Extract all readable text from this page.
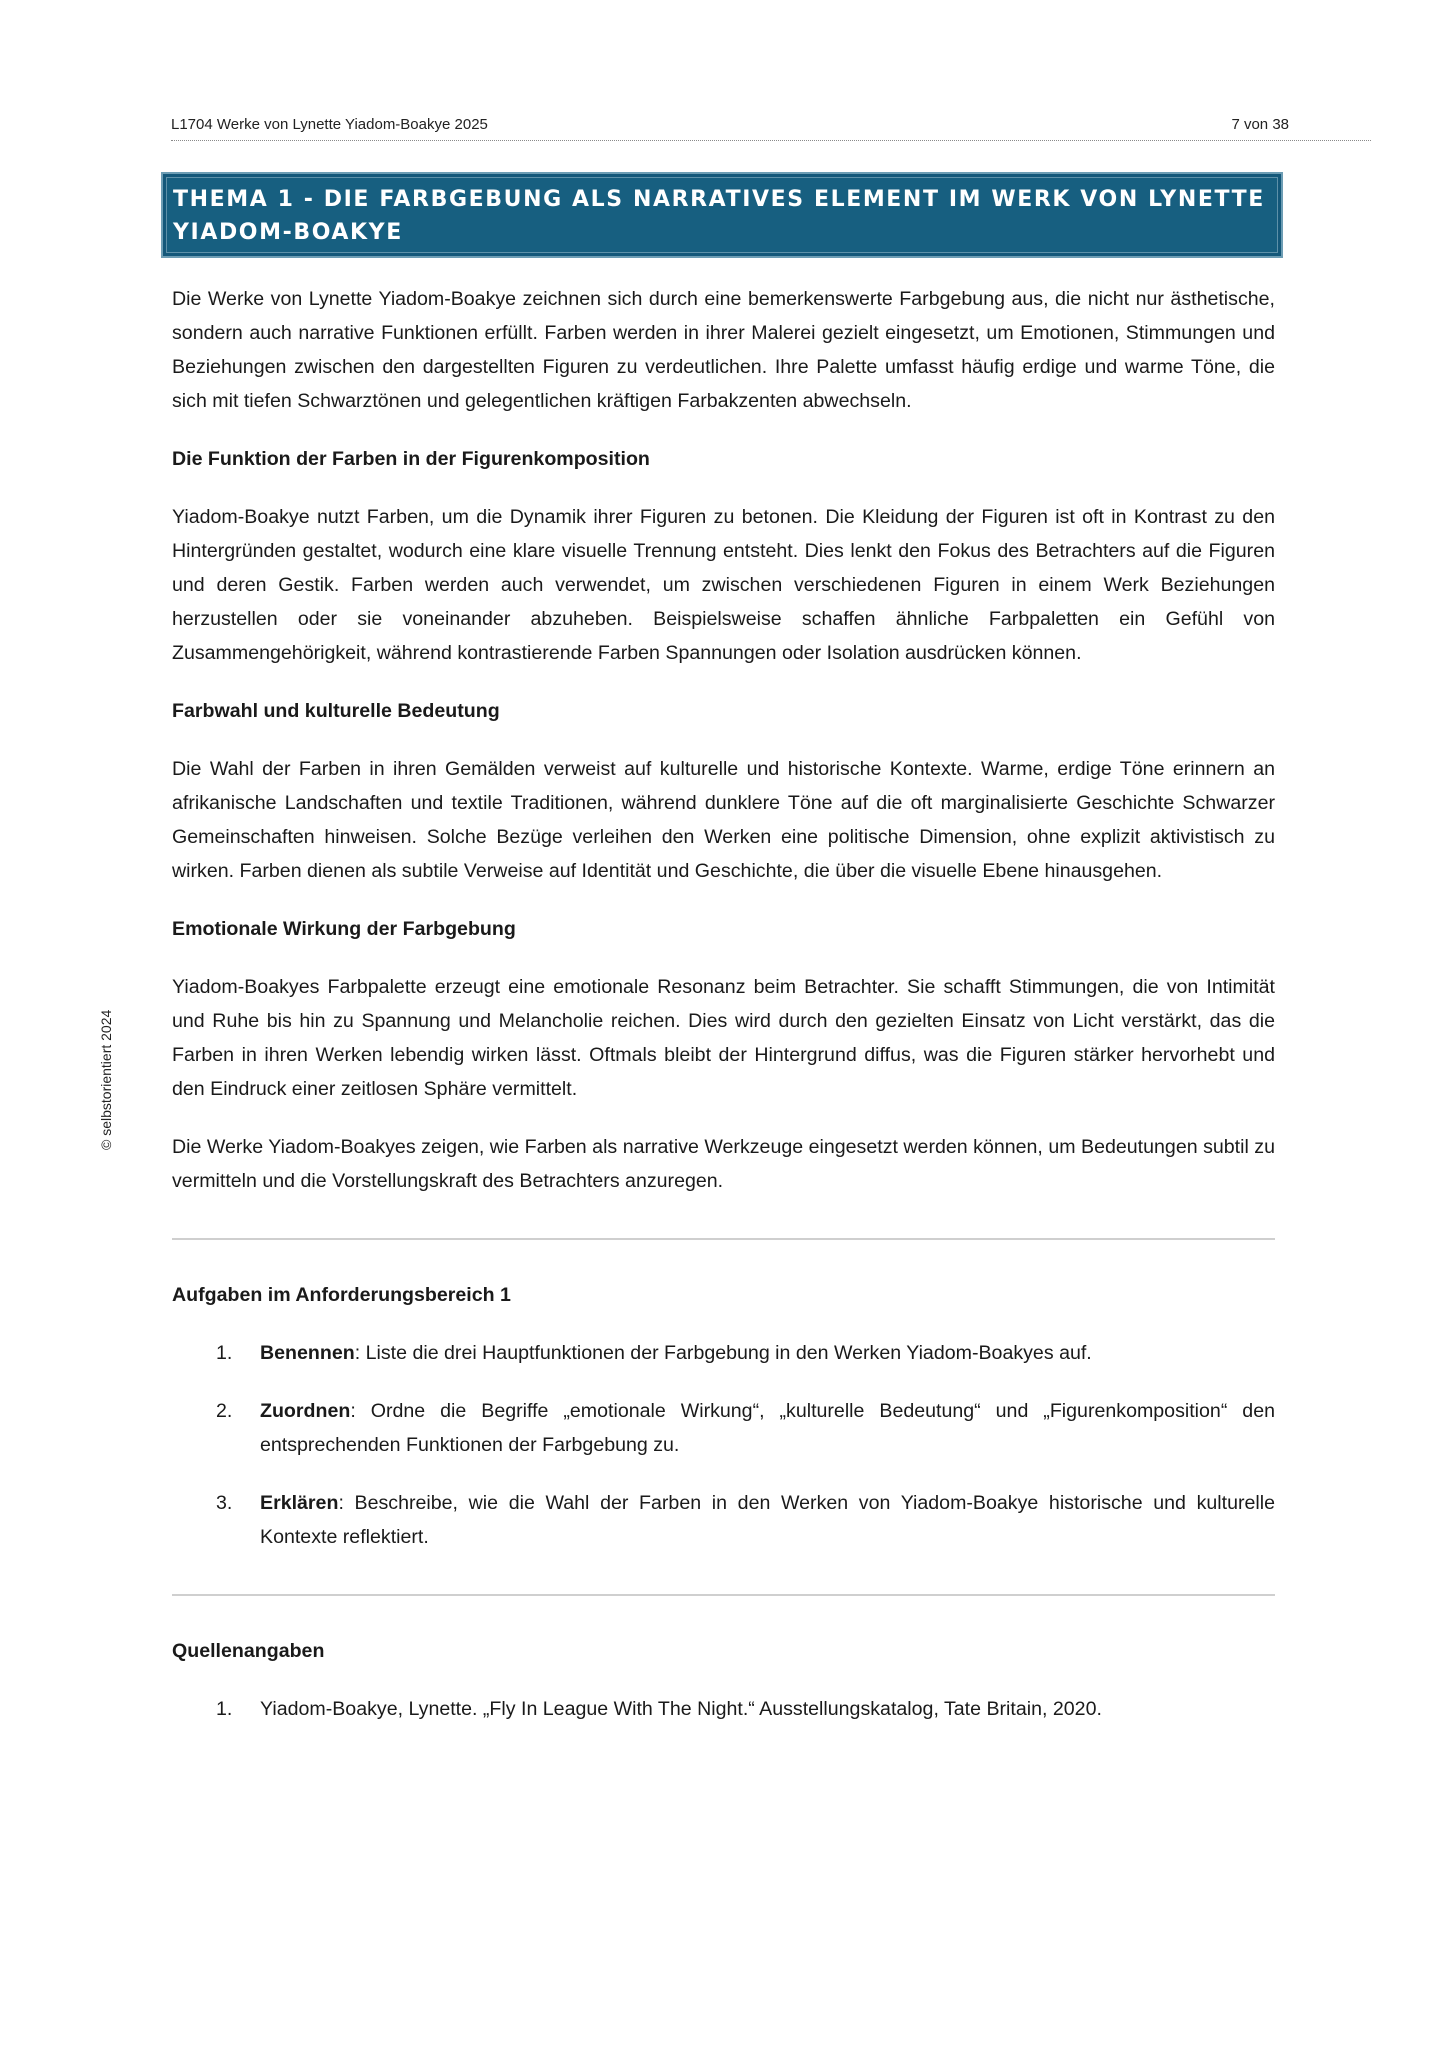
L1704 Werke von Lynette Yiadom-Boakye 2025	7 von 38
© selbstorientiert 2024
THEMA 1 - DIE FARBGEBUNG ALS NARRATIVES ELEMENT IM WERK VON LYNETTE YIADOM-BOAKYE

Die Werke von Lynette Yiadom-Boakye zeichnen sich durch eine bemerkenswerte Farbgebung aus, die nicht nur ästhetische, sondern auch narrative Funktionen erfüllt. Farben werden in ihrer Malerei gezielt eingesetzt, um Emotionen, Stimmungen und Beziehungen zwischen den dargestellten Figuren zu verdeutlichen. Ihre Palette umfasst häufig erdige und warme Töne, die sich mit tiefen Schwarztönen und gelegentlichen kräftigen Farbakzenten abwechseln.

Die Funktion der Farben in der Figurenkomposition

Yiadom-Boakye nutzt Farben, um die Dynamik ihrer Figuren zu betonen. Die Kleidung der Figuren ist oft in Kontrast zu den Hintergründen gestaltet, wodurch eine klare visuelle Trennung entsteht. Dies lenkt den Fokus des Betrachters auf die Figuren und deren Gestik. Farben werden auch verwendet, um zwischen verschiedenen Figuren in einem Werk Beziehungen herzustellen oder sie voneinander abzuheben. Beispielsweise schaffen ähnliche Farbpaletten ein Gefühl von Zusammengehörigkeit, während kontrastierende Farben Spannungen oder Isolation ausdrücken können.

Farbwahl und kulturelle Bedeutung

Die Wahl der Farben in ihren Gemälden verweist auf kulturelle und historische Kontexte. Warme, erdige Töne erinnern an afrikanische Landschaften und textile Traditionen, während dunklere Töne auf die oft marginalisierte Geschichte Schwarzer Gemeinschaften hinweisen. Solche Bezüge verleihen den Werken eine politische Dimension, ohne explizit aktivistisch zu wirken. Farben dienen als subtile Verweise auf Identität und Geschichte, die über die visuelle Ebene hinausgehen.

Emotionale Wirkung der Farbgebung

Yiadom-Boakyes Farbpalette erzeugt eine emotionale Resonanz beim Betrachter. Sie schafft Stimmungen, die von Intimität und Ruhe bis hin zu Spannung und Melancholie reichen. Dies wird durch den gezielten Einsatz von Licht verstärkt, das die Farben in ihren Werken lebendig wirken lässt. Oftmals bleibt der Hintergrund diffus, was die Figuren stärker hervorhebt und den Eindruck einer zeitlosen Sphäre vermittelt.

Die Werke Yiadom-Boakyes zeigen, wie Farben als narrative Werkzeuge eingesetzt werden können, um Bedeutungen subtil zu vermitteln und die Vorstellungskraft des Betrachters anzuregen.

Aufgaben im Anforderungsbereich 1
1. Benennen: Liste die drei Hauptfunktionen der Farbgebung in den Werken Yiadom-Boakyes auf.
2. Zuordnen: Ordne die Begriffe „emotionale Wirkung“, „kulturelle Bedeutung“ und „Figurenkomposition“ den entsprechenden Funktionen der Farbgebung zu.
3. Erklären: Beschreibe, wie die Wahl der Farben in den Werken von Yiadom-Boakye historische und kulturelle Kontexte reflektiert.
Quellenangaben
1. Yiadom-Boakye, Lynette. „Fly In League With The Night.“ Ausstellungskatalog, Tate Britain, 2020.
